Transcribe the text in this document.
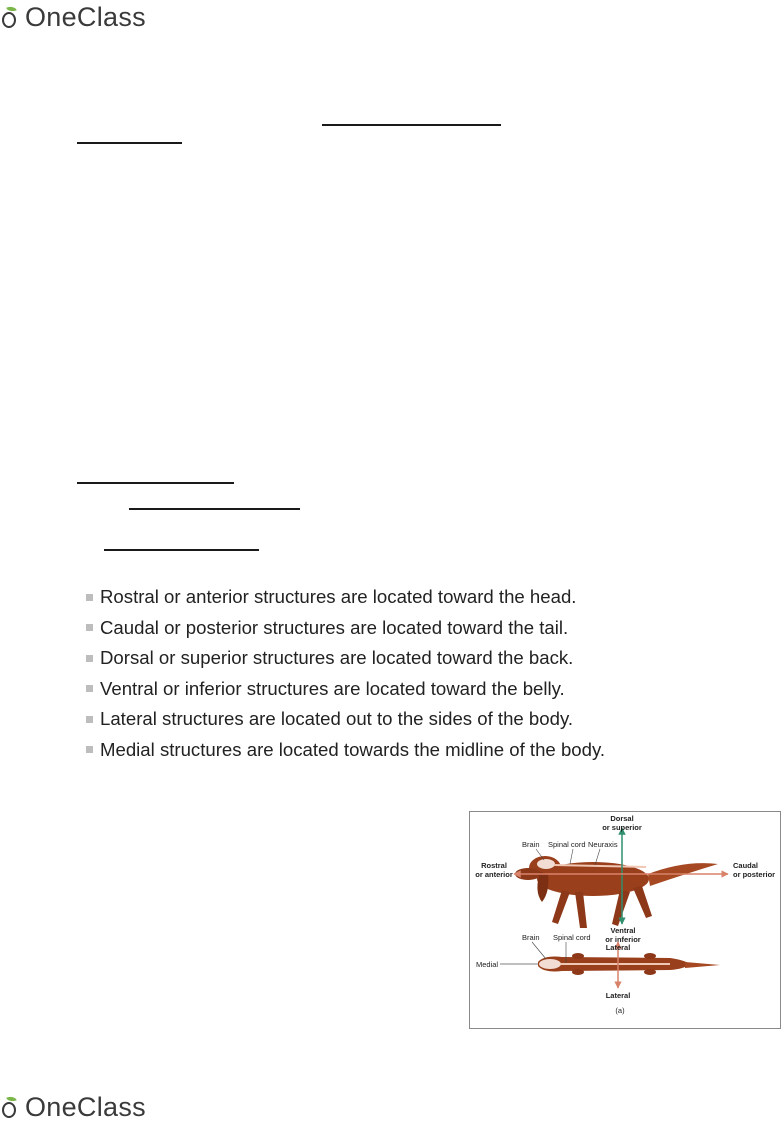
OneClass
Rostral or anterior structures are located toward the head.
Caudal or posterior structures are located toward the tail.
Dorsal or superior structures are located toward the back.
Ventral or inferior structures are located toward the belly.
Lateral structures are located out to the sides of the body.
Medial structures are located towards the midline of the body.
Dorsal
or superior
Brain Spinal cord Neuraxis
Rostral
or anterior
Caudal
or posterior
Ventral
or inferior
Lateral
Brain Spinal cord
Medial
Lateral
(a)
OneClass
